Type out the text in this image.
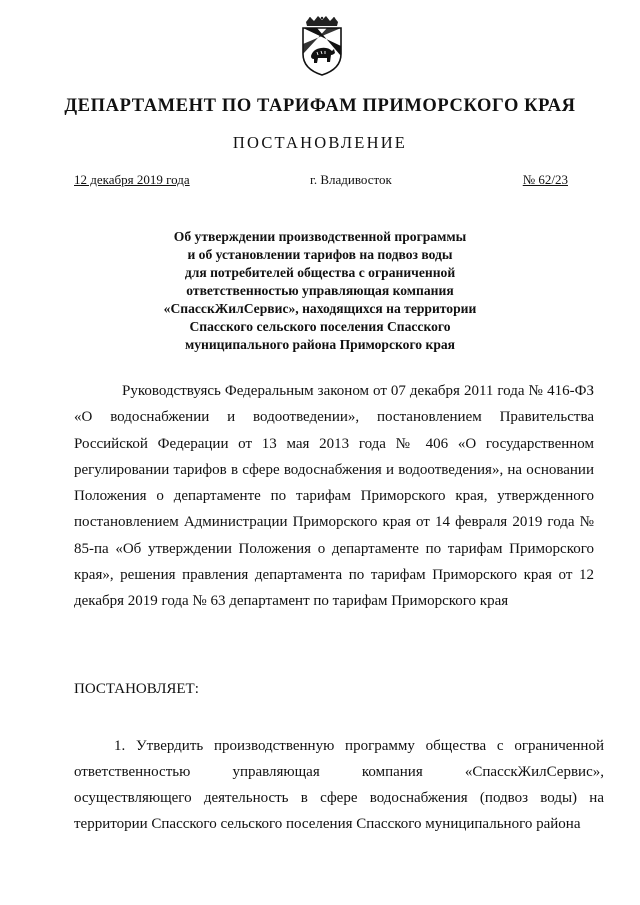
ДЕПАРТАМЕНТ ПО ТАРИФАМ ПРИМОРСКОГО КРАЯ
ПОСТАНОВЛЕНИЕ
12 декабря 2019 года	г. Владивосток	№ 62/23
Об утверждении производственной программы
и об установлении тарифов на подвоз воды
для потребителей общества с ограниченной
ответственностью управляющая компания
«СпасскЖилСервис», находящихся на территории
Спасского сельского поселения Спасского
муниципального района Приморского края

Руководствуясь Федеральным законом от 07 декабря 2011 года № 416-ФЗ «О водоснабжении и водоотведении», постановлением Правительства Российской Федерации от 13 мая 2013 года № 406 «О государственном регулировании тарифов в сфере водоснабжения и водоотведения», на основании Положения о департаменте по тарифам Приморского края, утвержденного постановлением Администрации Приморского края от 14 февраля 2019 года № 85-па «Об утверждении Положения о департаменте по тарифам Приморского края», решения правления департамента по тарифам Приморского края от 12 декабря 2019 года № 63 департамент по тарифам Приморского края

ПОСТАНОВЛЯЕТ:

1. Утвердить производственную программу общества с ограниченной ответственностью управляющая компания «СпасскЖилСервис», осуществляющего деятельность в сфере водоснабжения (подвоз воды) на территории Спасского сельского поселения Спасского муниципального района
